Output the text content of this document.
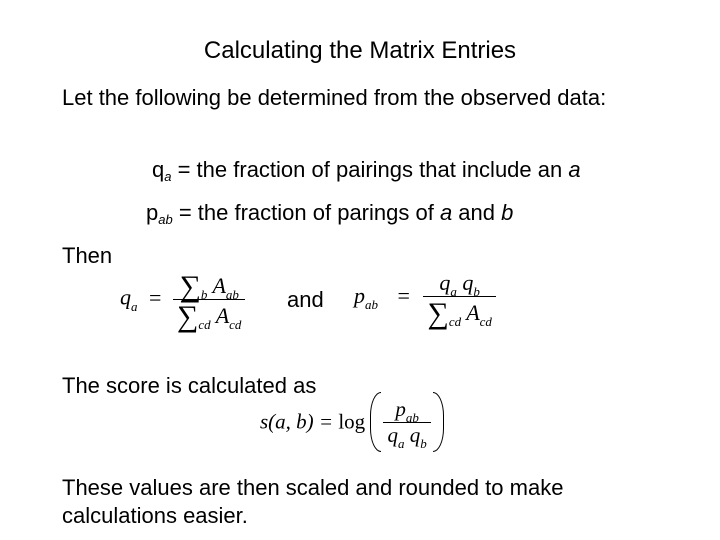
Calculating the Matrix Entries
Let the following be determined from the observed data:
qa = the fraction of pairings that include an a
pab = the fraction of parings of a and b
Then
$q_a = \frac{\sum_b A_{ab}}{\sum_{cd} A_{cd}}$ and $p_{ab} = \frac{q_a q_b}{\sum_{cd} A_{cd}}$
The score is calculated as
s(a, $b) = \log \frac{p_{ab}}{q_a q_b}$
These values are then scaled and rounded to make calculations easier.
